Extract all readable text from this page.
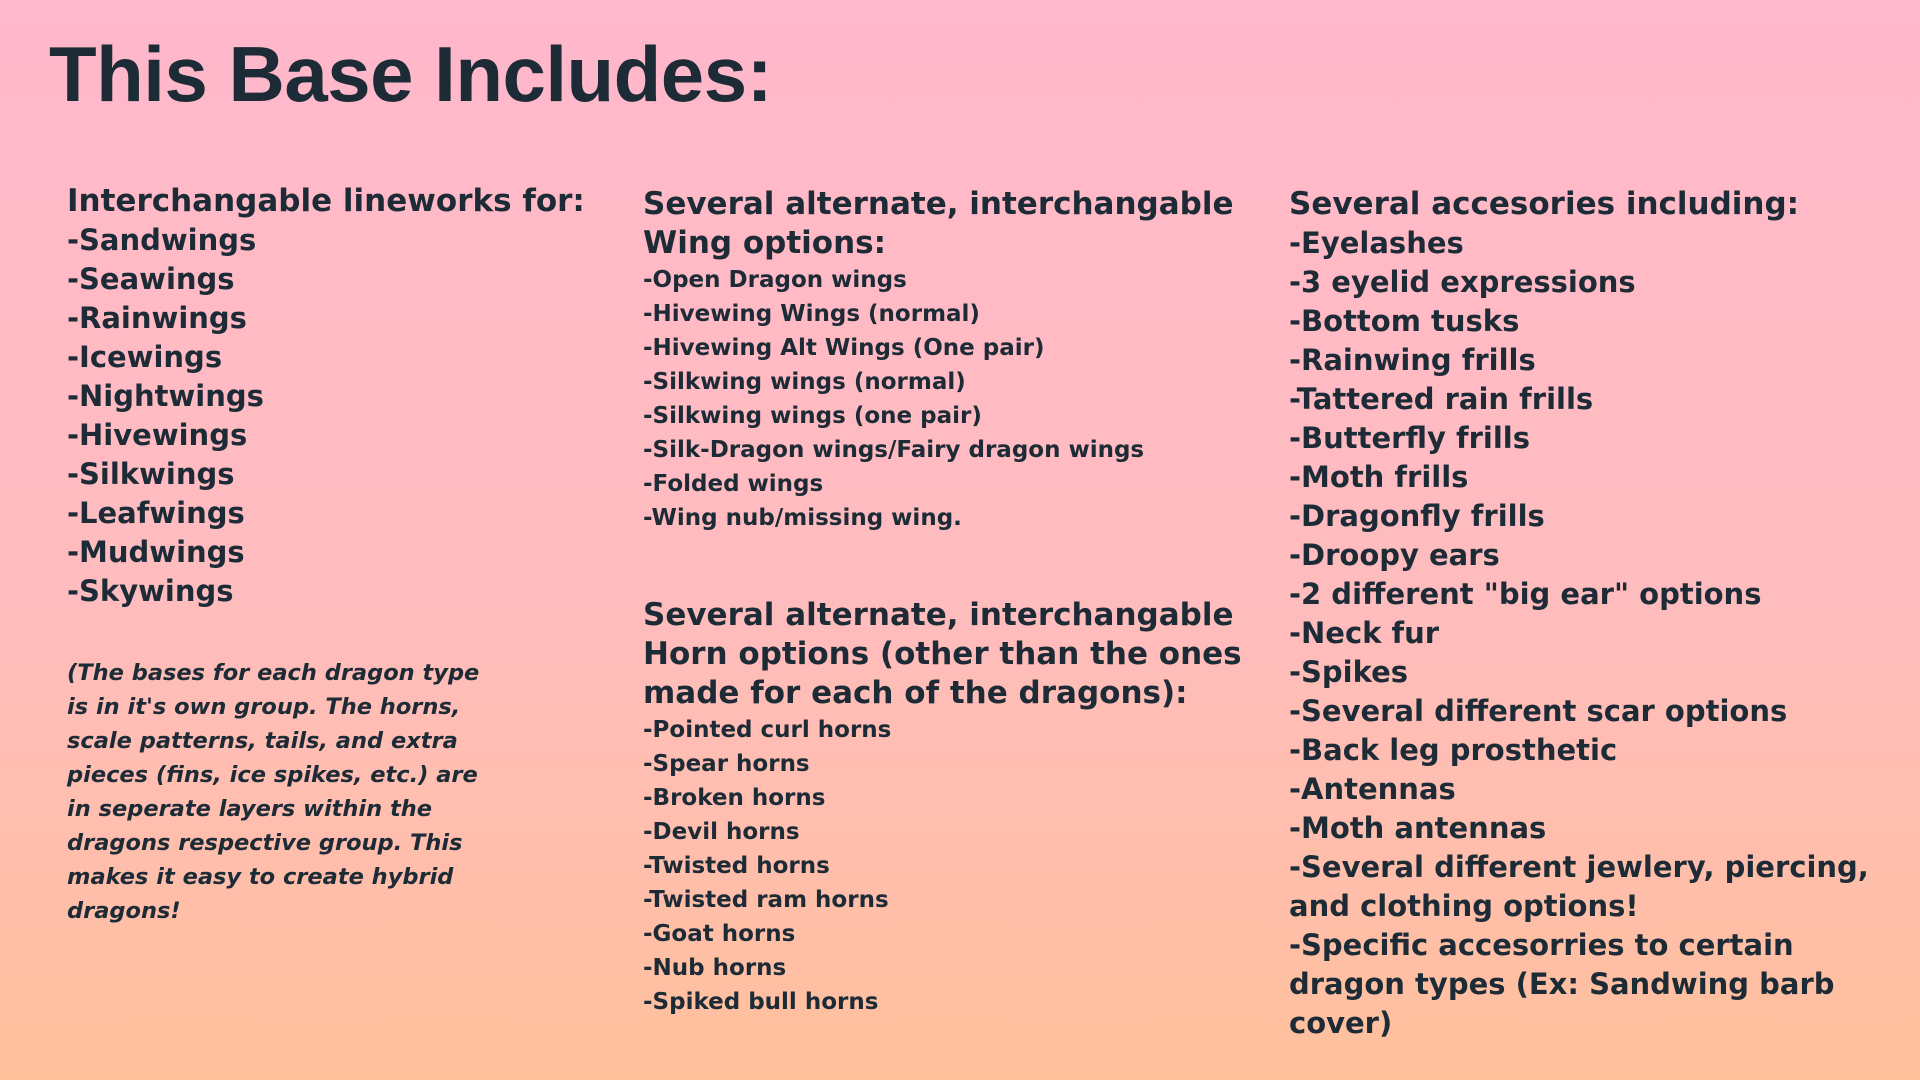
This Base Includes:

Interchangable lineworks for:

-Sandwings
-Seawings
-Rainwings
-Icewings
-Nightwings
-Hivewings
-Silkwings
-Leafwings
-Mudwings
-Skywings

(The bases for each dragon type is in it's own group. The horns, scale patterns, tails, and extra pieces (fins, ice spikes, etc.) are in seperate layers within the dragons respective group. This makes it easy to create hybrid dragons!

Several alternate, interchangable
Wing options:

-Open Dragon wings
-Hivewing Wings (normal)
-Hivewing Alt Wings (One pair)
-Silkwing wings (normal)
-Silkwing wings (one pair)
-Silk-Dragon wings/Fairy dragon wings
-Folded wings
-Wing nub/missing wing.

Several alternate, interchangable
Horn options (other than the ones
made for each of the dragons):

-Pointed curl horns
-Spear horns
-Broken horns
-Devil horns
-Twisted horns
-Twisted ram horns
-Goat horns
-Nub horns
-Spiked bull horns

Several accesories including:

-Eyelashes
-3 eyelid expressions
-Bottom tusks
-Rainwing frills
-Tattered rain frills
-Butterfly frills
-Moth frills
-Dragonfly frills
-Droopy ears
-2 different "big ear" options
-Neck fur
-Spikes
-Several different scar options
-Back leg prosthetic
-Antennas
-Moth antennas
-Several different jewlery, piercing, and clothing options!
-Specific accesorries to certain dragon types (Ex: Sandwing barb cover)
